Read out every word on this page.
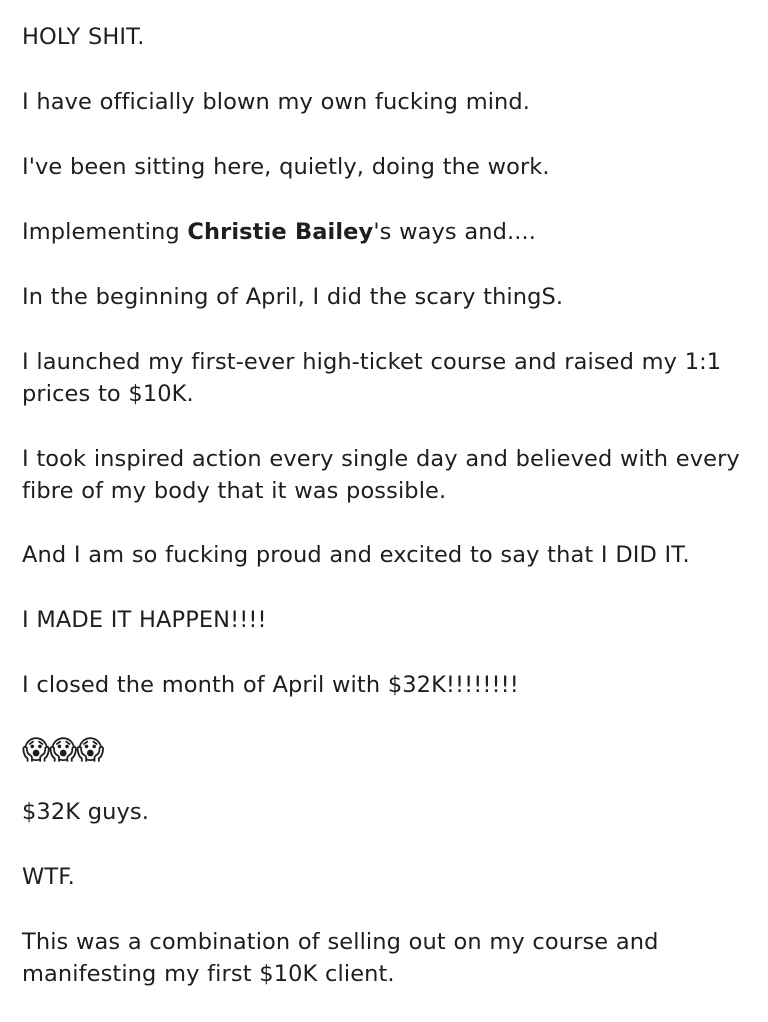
HOLY SHIT.

I have officially blown my own fucking mind.

I've been sitting here, quietly, doing the work.

Implementing Christie Bailey's ways and....

In the beginning of April, I did the scary thingS.

I launched my first-ever high-ticket course and raised my 1:1 prices to $10K.

I took inspired action every single day and believed with every fibre of my body that it was possible.

And I am so fucking proud and excited to say that I DID IT.

I MADE IT HAPPEN!!!!

I closed the month of April with $32K!!!!!!!!

😱😱😱

$32K guys.

WTF.

This was a combination of selling out on my course and manifesting my first $10K client.
